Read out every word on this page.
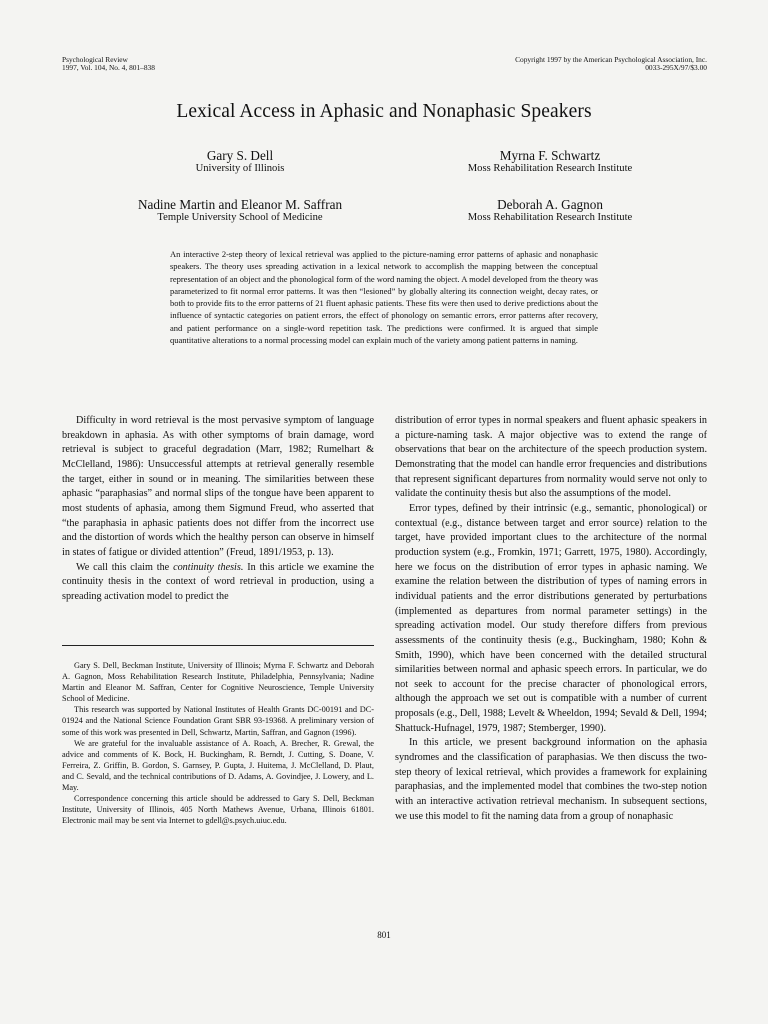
Psychological Review
1997, Vol. 104, No. 4, 801–838
Copyright 1997 by the American Psychological Association, Inc.
0033-295X/97/$3.00
Lexical Access in Aphasic and Nonaphasic Speakers
Gary S. Dell
University of Illinois
Myrna F. Schwartz
Moss Rehabilitation Research Institute
Nadine Martin and Eleanor M. Saffran
Temple University School of Medicine
Deborah A. Gagnon
Moss Rehabilitation Research Institute

An interactive 2-step theory of lexical retrieval was applied to the picture-naming error patterns of aphasic and nonaphasic speakers. The theory uses spreading activation in a lexical network to accomplish the mapping between the conceptual representation of an object and the phonological form of the word naming the object. A model developed from the theory was parameterized to fit normal error patterns. It was then “lesioned” by globally altering its connection weight, decay rates, or both to provide fits to the error patterns of 21 fluent aphasic patients. These fits were then used to derive predictions about the influence of syntactic categories on patient errors, the effect of phonology on semantic errors, error patterns after recovery, and patient performance on a single-word repetition task. The predictions were confirmed. It is argued that simple quantitative alterations to a normal processing model can explain much of the variety among patient patterns in naming.

Difficulty in word retrieval is the most pervasive symptom of language breakdown in aphasia. As with other symptoms of brain damage, word retrieval is subject to graceful degradation (Marr, 1982; Rumelhart & McClelland, 1986): Unsuccessful attempts at retrieval generally resemble the target, either in sound or in meaning. The similarities between these aphasic “paraphasias” and normal slips of the tongue have been apparent to most students of aphasia, among them Sigmund Freud, who asserted that “the paraphasia in aphasic patients does not differ from the incorrect use and the distortion of words which the healthy person can observe in himself in states of fatigue or divided attention” (Freud, 1891/1953, p. 13).

We call this claim the continuity thesis. In this article we examine the continuity thesis in the context of word retrieval in production, using a spreading activation model to predict the

Gary S. Dell, Beckman Institute, University of Illinois; Myrna F. Schwartz and Deborah A. Gagnon, Moss Rehabilitation Research Institute, Philadelphia, Pennsylvania; Nadine Martin and Eleanor M. Saffran, Center for Cognitive Neuroscience, Temple University School of Medicine.

This research was supported by National Institutes of Health Grants DC-00191 and DC-01924 and the National Science Foundation Grant SBR 93-19368. A preliminary version of some of this work was presented in Dell, Schwartz, Martin, Saffran, and Gagnon (1996).

We are grateful for the invaluable assistance of A. Roach, A. Brecher, R. Grewal, the advice and comments of K. Bock, H. Buckingham, R. Berndt, J. Cutting, S. Doane, V. Ferreira, Z. Griffin, B. Gordon, S. Garnsey, P. Gupta, J. Huitema, J. McClelland, D. Plaut, and C. Sevald, and the technical contributions of D. Adams, A. Govindjee, J. Lowery, and L. May.

Correspondence concerning this article should be addressed to Gary S. Dell, Beckman Institute, University of Illinois, 405 North Mathews Avenue, Urbana, Illinois 61801. Electronic mail may be sent via Internet to gdell@s.psych.uiuc.edu.

distribution of error types in normal speakers and fluent aphasic speakers in a picture-naming task. A major objective was to extend the range of observations that bear on the architecture of the speech production system. Demonstrating that the model can handle error frequencies and distributions that represent significant departures from normality would serve not only to validate the continuity thesis but also the assumptions of the model.

Error types, defined by their intrinsic (e.g., semantic, phonological) or contextual (e.g., distance between target and error source) relation to the target, have provided important clues to the architecture of the normal production system (e.g., Fromkin, 1971; Garrett, 1975, 1980). Accordingly, here we focus on the distribution of error types in aphasic naming. We examine the relation between the distribution of types of naming errors in individual patients and the error distributions generated by perturbations (implemented as departures from normal parameter settings) in the spreading activation model. Our study therefore differs from previous assessments of the continuity thesis (e.g., Buckingham, 1980; Kohn & Smith, 1990), which have been concerned with the detailed structural similarities between normal and aphasic speech errors. In particular, we do not seek to account for the precise character of phonological errors, although the approach we set out is compatible with a number of current proposals (e.g., Dell, 1988; Levelt & Wheeldon, 1994; Sevald & Dell, 1994; Shattuck-Hufnagel, 1979, 1987; Stemberger, 1990).

In this article, we present background information on the aphasia syndromes and the classification of paraphasias. We then discuss the two-step theory of lexical retrieval, which provides a framework for explaining paraphasias, and the implemented model that combines the two-step notion with an interactive activation retrieval mechanism. In subsequent sections, we use this model to fit the naming data from a group of nonaphasic

801
